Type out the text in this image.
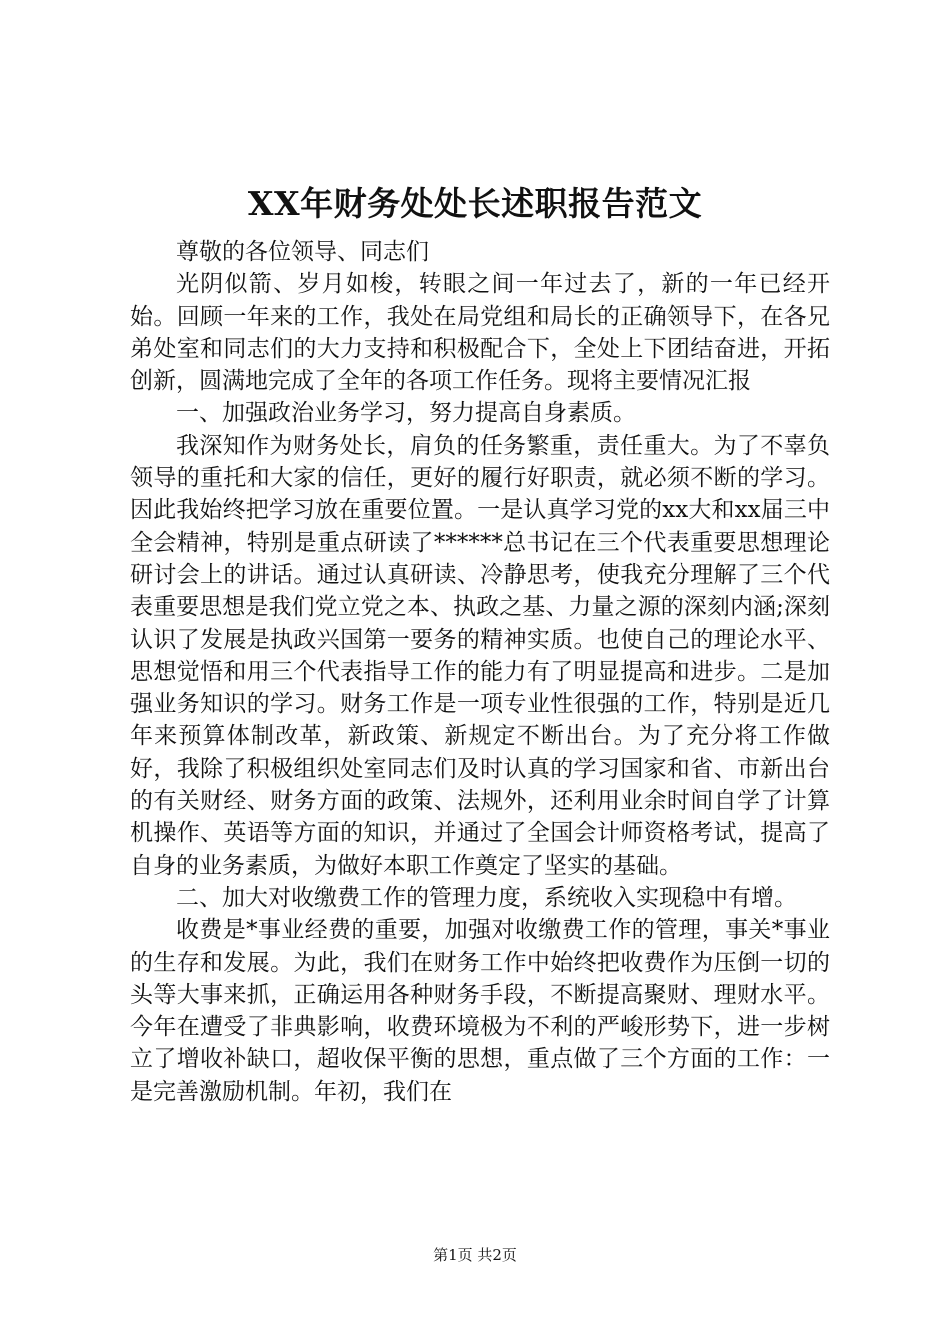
XX年财务处处长述职报告范文

尊敬的各位领导、同志们

光阴似箭、岁月如梭，转眼之间一年过去了，新的一年已经开始。回顾一年来的工作，我处在局党组和局长的正确领导下，在各兄弟处室和同志们的大力支持和积极配合下，全处上下团结奋进，开拓创新，圆满地完成了全年的各项工作任务。现将主要情况汇报

一、加强政治业务学习，努力提高自身素质。

我深知作为财务处长，肩负的任务繁重，责任重大。为了不辜负领导的重托和大家的信任，更好的履行好职责，就必须不断的学习。因此我始终把学习放在重要位置。一是认真学习党的xx大和xx届三中全会精神，特别是重点研读了******总书记在三个代表重要思想理论研讨会上的讲话。通过认真研读、冷静思考，使我充分理解了三个代表重要思想是我们党立党之本、执政之基、力量之源的深刻内涵;深刻认识了发展是执政兴国第一要务的精神实质。也使自己的理论水平、思想觉悟和用三个代表指导工作的能力有了明显提高和进步。二是加强业务知识的学习。财务工作是一项专业性很强的工作，特别是近几年来预算体制改革，新政策、新规定不断出台。为了充分将工作做好，我除了积极组织处室同志们及时认真的学习国家和省、市新出台的有关财经、财务方面的政策、法规外，还利用业余时间自学了计算机操作、英语等方面的知识，并通过了全国会计师资格考试，提高了自身的业务素质，为做好本职工作奠定了坚实的基础。

二、加大对收缴费工作的管理力度，系统收入实现稳中有增。

收费是*事业经费的重要，加强对收缴费工作的管理，事关*事业的生存和发展。为此，我们在财务工作中始终把收费作为压倒一切的头等大事来抓，正确运用各种财务手段，不断提高聚财、理财水平。今年在遭受了非典影响，收费环境极为不利的严峻形势下，进一步树立了增收补缺口，超收保平衡的思想，重点做了三个方面的工作：一是完善激励机制。年初，我们在

第1页 共2页
